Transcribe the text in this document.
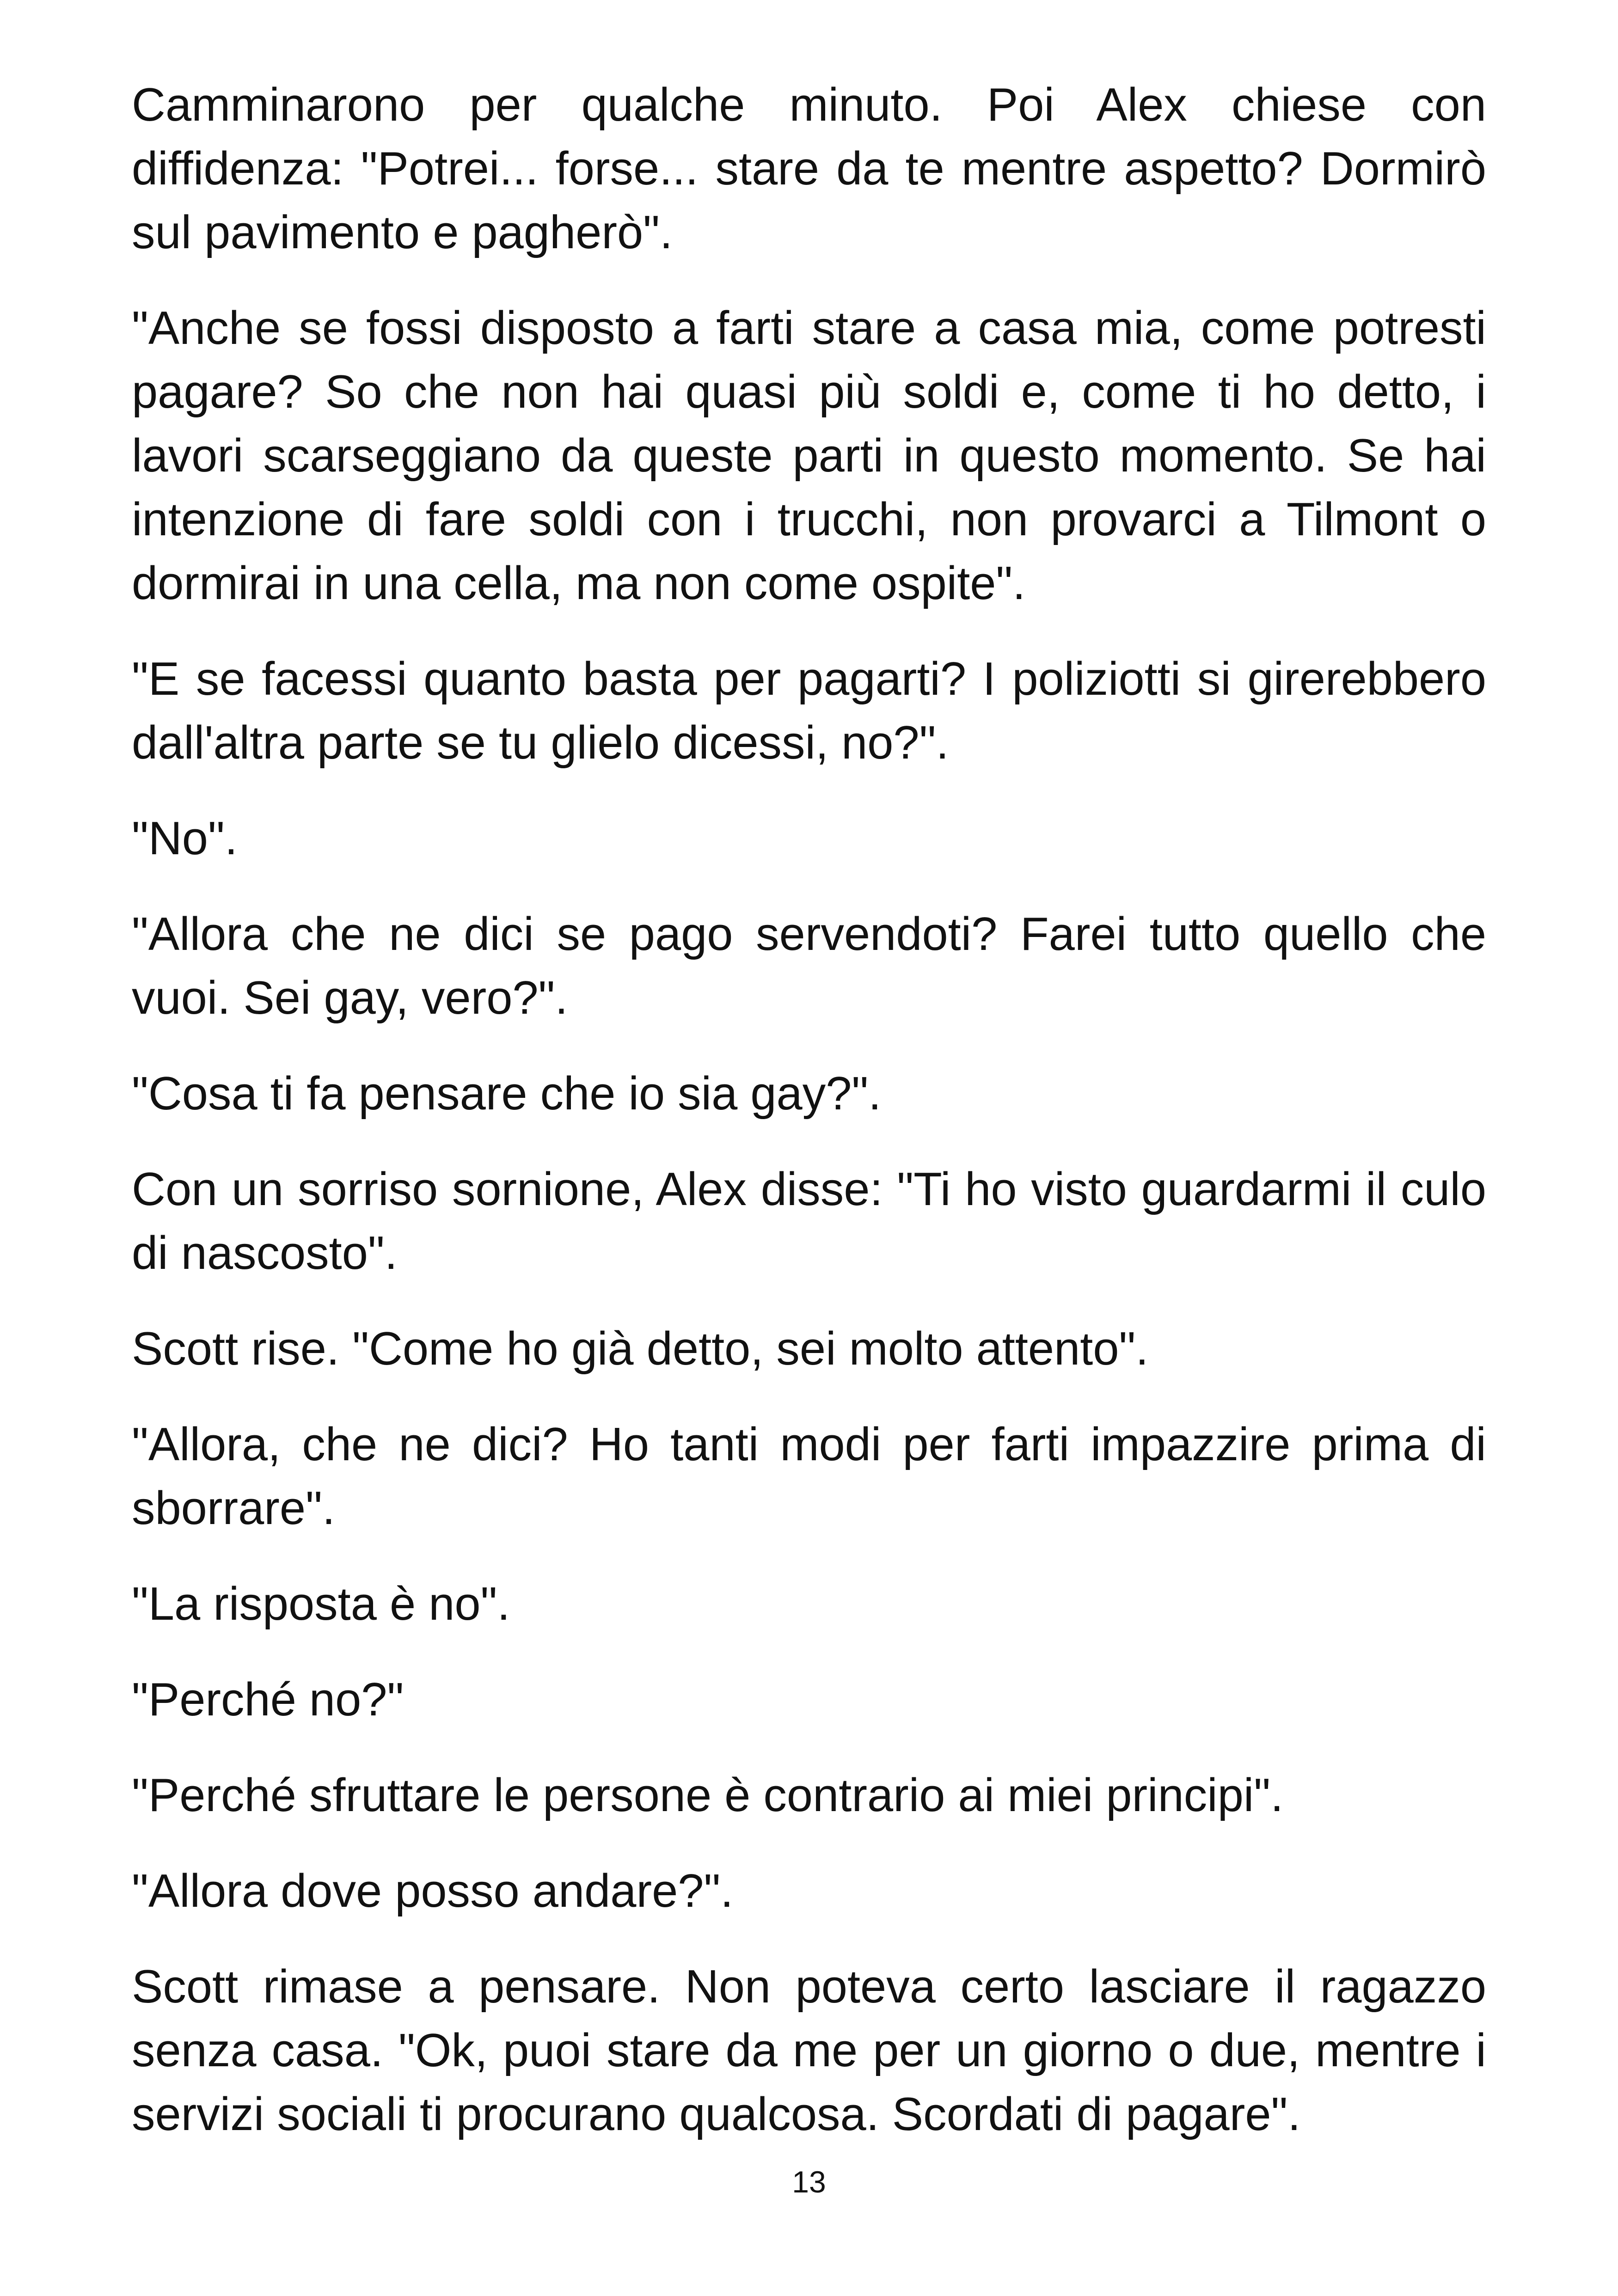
Camminarono per qualche minuto. Poi Alex chiese con diffidenza: "Potrei... forse... stare da te mentre aspetto? Dormirò sul pavimento e pagherò".

"Anche se fossi disposto a farti stare a casa mia, come potresti pagare? So che non hai quasi più soldi e, come ti ho detto, i lavori scarseggiano da queste parti in questo momento. Se hai intenzione di fare soldi con i trucchi, non provarci a Tilmont o dormirai in una cella, ma non come ospite".

"E se facessi quanto basta per pagarti? I poliziotti si girerebbero dall'altra parte se tu glielo dicessi, no?".

"No".

"Allora che ne dici se pago servendoti? Farei tutto quello che vuoi. Sei gay, vero?".

"Cosa ti fa pensare che io sia gay?".

Con un sorriso sornione, Alex disse: "Ti ho visto guardarmi il culo di nascosto".

Scott rise. "Come ho già detto, sei molto attento".

"Allora, che ne dici? Ho tanti modi per farti impazzire prima di sborrare".

"La risposta è no".

"Perché no?"

"Perché sfruttare le persone è contrario ai miei principi".

"Allora dove posso andare?".

Scott rimase a pensare. Non poteva certo lasciare il ragazzo senza casa. "Ok, puoi stare da me per un giorno o due, mentre i servizi sociali ti procurano qualcosa. Scordati di pagare".

13
